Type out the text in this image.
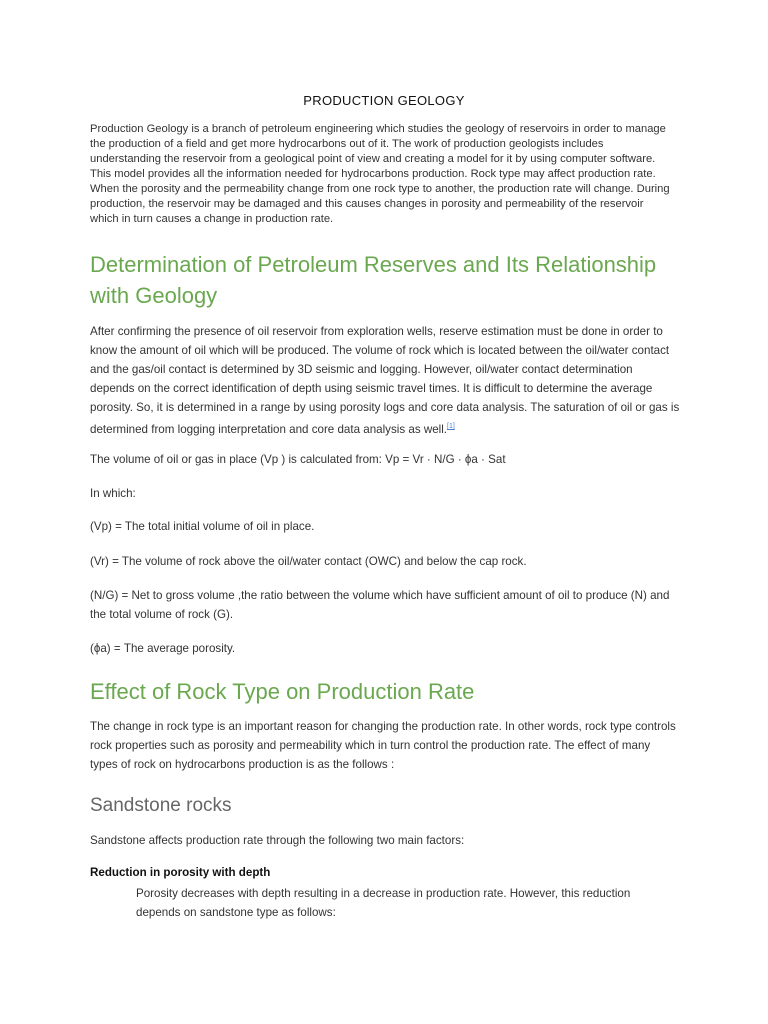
PRODUCTION GEOLOGY

Production Geology is a branch of petroleum engineering which studies the geology of reservoirs in order to manage the production of a field and get more hydrocarbons out of it. The work of production geologists includes understanding the reservoir from a geological point of view and creating a model for it by using computer software. This model provides all the information needed for hydrocarbons production. Rock type may affect production rate. When the porosity and the permeability change from one rock type to another, the production rate will change. During production, the reservoir may be damaged and this causes changes in porosity and permeability of the reservoir which in turn causes a change in production rate.

Determination of Petroleum Reserves and Its Relationship with Geology

After confirming the presence of oil reservoir from exploration wells, reserve estimation must be done in order to know the amount of oil which will be produced. The volume of rock which is located between the oil/water contact and the gas/oil contact is determined by 3D seismic and logging. However, oil/water contact determination depends on the correct identification of depth using seismic travel times. It is difficult to determine the average porosity. So, it is determined in a range by using porosity logs and core data analysis. The saturation of oil or gas is determined from logging interpretation and core data analysis as well.[1]

The volume of oil or gas in place (Vp ) is calculated from: Vp = Vr · N/G · ϕa · Sat

In which:

(Vp) = The total initial volume of oil in place.

(Vr) = The volume of rock above the oil/water contact (OWC) and below the cap rock.

(N/G) = Net to gross volume ,the ratio between the volume which have sufficient amount of oil to produce (N) and the total volume of rock (G).

(ϕa) = The average porosity.

Effect of Rock Type on Production Rate

The change in rock type is an important reason for changing the production rate. In other words, rock type controls rock properties such as porosity and permeability which in turn control the production rate. The effect of many types of rock on hydrocarbons production is as the follows :

Sandstone rocks

Sandstone affects production rate through the following two main factors:

Reduction in porosity with depth

Porosity decreases with depth resulting in a decrease in production rate. However, this reduction depends on sandstone type as follows:
